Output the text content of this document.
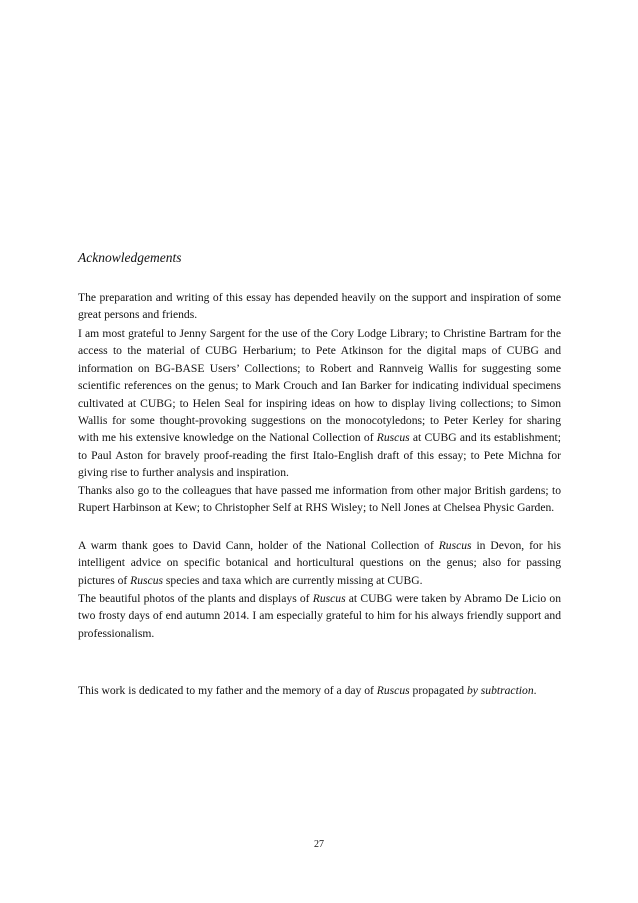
Acknowledgements

The preparation and writing of this essay has depended heavily on the support and inspiration of some great persons and friends.

I am most grateful to Jenny Sargent for the use of the Cory Lodge Library; to Christine Bartram for the access to the material of CUBG Herbarium; to Pete Atkinson for the digital maps of CUBG and information on BG-BASE Users’ Collections; to Robert and Rannveig Wallis for suggesting some scientific references on the genus; to Mark Crouch and Ian Barker for indicating individual specimens cultivated at CUBG; to Helen Seal for inspiring ideas on how to display living collections; to Simon Wallis for some thought-provoking suggestions on the monocotyledons; to Peter Kerley for sharing with me his extensive knowledge on the National Collection of Ruscus at CUBG and its establishment; to Paul Aston for bravely proof-reading the first Italo-English draft of this essay; to Pete Michna for giving rise to further analysis and inspiration.

Thanks also go to the colleagues that have passed me information from other major British gardens; to Rupert Harbinson at Kew; to Christopher Self at RHS Wisley; to Nell Jones at Chelsea Physic Garden.

A warm thank goes to David Cann, holder of the National Collection of Ruscus in Devon, for his intelligent advice on specific botanical and horticultural questions on the genus; also for passing pictures of Ruscus species and taxa which are currently missing at CUBG.

The beautiful photos of the plants and displays of Ruscus at CUBG were taken by Abramo De Licio on two frosty days of end autumn 2014. I am especially grateful to him for his always friendly support and professionalism.

This work is dedicated to my father and the memory of a day of Ruscus propagated by subtraction.
27
